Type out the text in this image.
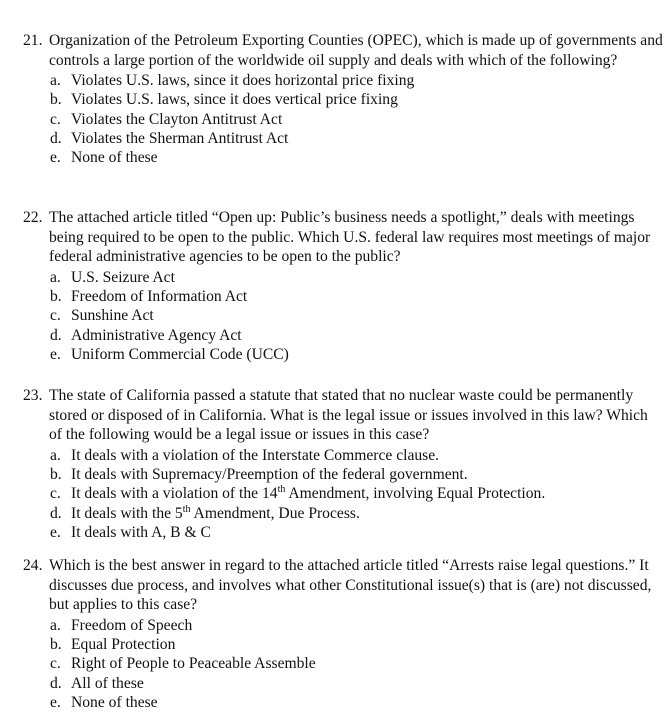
21. Organization of the Petroleum Exporting Counties (OPEC), which is made up of governments and controls a large portion of the worldwide oil supply and deals with which of the following?
a. Violates U.S. laws, since it does horizontal price fixing
b. Violates U.S. laws, since it does vertical price fixing
c. Violates the Clayton Antitrust Act
d. Violates the Sherman Antitrust Act
e. None of these
22. The attached article titled “Open up: Public’s business needs a spotlight,” deals with meetings being required to be open to the public. Which U.S. federal law requires most meetings of major federal administrative agencies to be open to the public?
a. U.S. Seizure Act
b. Freedom of Information Act
c. Sunshine Act
d. Administrative Agency Act
e. Uniform Commercial Code (UCC)
23. The state of California passed a statute that stated that no nuclear waste could be permanently stored or disposed of in California. What is the legal issue or issues involved in this law? Which of the following would be a legal issue or issues in this case?
a. It deals with a violation of the Interstate Commerce clause.
b. It deals with Supremacy/Preemption of the federal government.
c. It deals with a violation of the 14th Amendment, involving Equal Protection.
d. It deals with the 5th Amendment, Due Process.
e. It deals with A, B & C
24. Which is the best answer in regard to the attached article titled “Arrests raise legal questions.” It discusses due process, and involves what other Constitutional issue(s) that is (are) not discussed, but applies to this case?
a. Freedom of Speech
b. Equal Protection
c. Right of People to Peaceable Assemble
d. All of these
e. None of these
